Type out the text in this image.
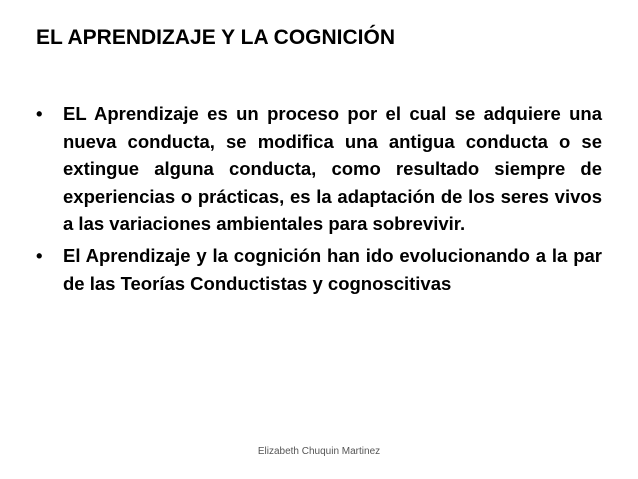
EL APRENDIZAJE Y LA COGNICIÓN
• EL Aprendizaje es un proceso por el cual se adquiere una nueva conducta, se modifica una antigua conducta o se extingue alguna conducta, como resultado siempre de experiencias o prácticas, es la adaptación de los seres vivos a las variaciones ambientales para sobrevivir.
• El Aprendizaje y la cognición han ido evolucionando a la par de las Teorías Conductistas y cognoscitivas
Elizabeth Chuquin Martinez
